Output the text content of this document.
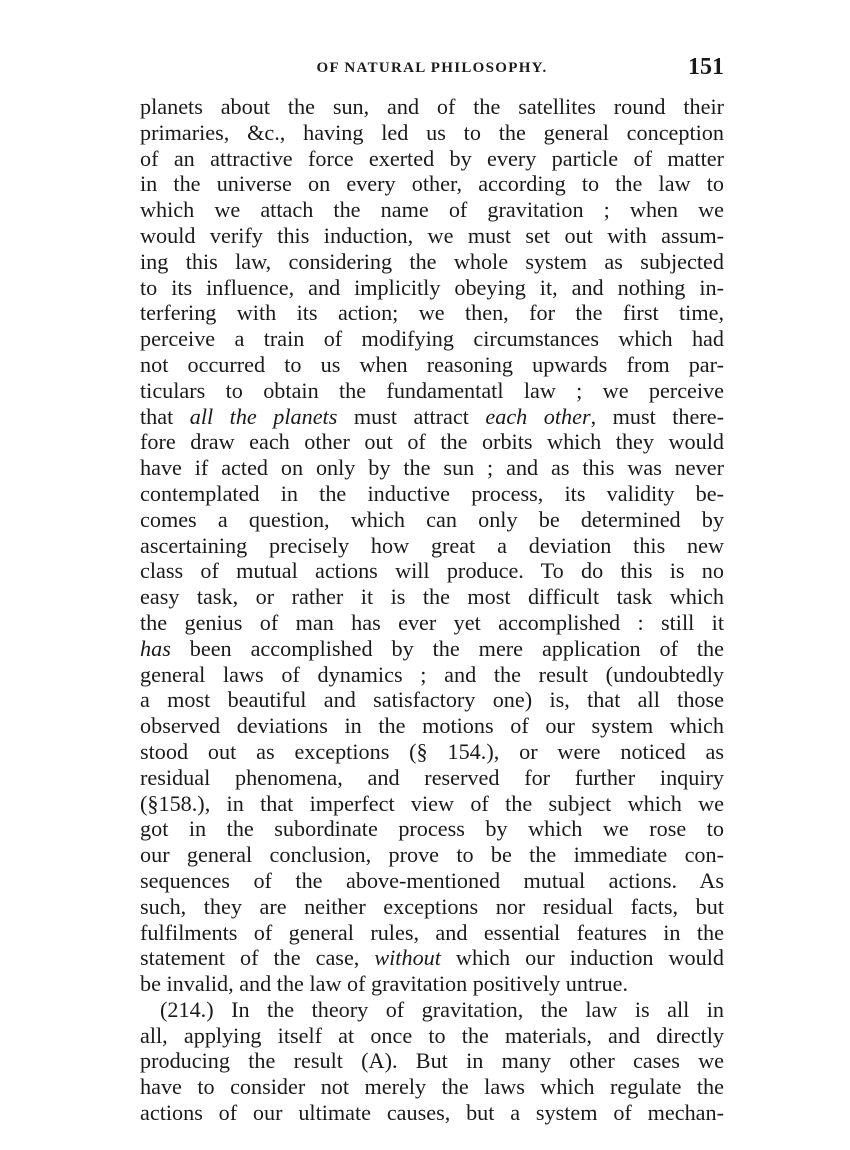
OF NATURAL PHILOSOPHY.	151
planets about the sun, and of the satellites round their
primaries, &c., having led us to the general conception
of an attractive force exerted by every particle of matter
in the universe on every other, according to the law to
which we attach the name of gravitation ; when we
would verify this induction, we must set out with assum-
ing this law, considering the whole system as subjected
to its influence, and implicitly obeying it, and nothing in-
terfering with its action; we then, for the first time,
perceive a train of modifying circumstances which had
not occurred to us when reasoning upwards from par-
ticulars to obtain the fundamentatl law ; we perceive
that all the planets must attract each other, must there-
fore draw each other out of the orbits which they would
have if acted on only by the sun ; and as this was never
contemplated in the inductive process, its validity be-
comes a question, which can only be determined by
ascertaining precisely how great a deviation this new
class of mutual actions will produce. To do this is no
easy task, or rather it is the most difficult task which
the genius of man has ever yet accomplished : still it
has been accomplished by the mere application of the
general laws of dynamics ; and the result (undoubtedly
a most beautiful and satisfactory one) is, that all those
observed deviations in the motions of our system which
stood out as exceptions (§ 154.), or were noticed as
residual phenomena, and reserved for further inquiry
(§158.), in that imperfect view of the subject which we
got in the subordinate process by which we rose to
our general conclusion, prove to be the immediate con-
sequences of the above-mentioned mutual actions. As
such, they are neither exceptions nor residual facts, but
fulfilments of general rules, and essential features in the
statement of the case, without which our induction would
be invalid, and the law of gravitation positively untrue.
(214.) In the theory of gravitation, the law is all in
all, applying itself at once to the materials, and directly
producing the result (A). But in many other cases we
have to consider not merely the laws which regulate the
actions of our ultimate causes, but a system of mechan-
